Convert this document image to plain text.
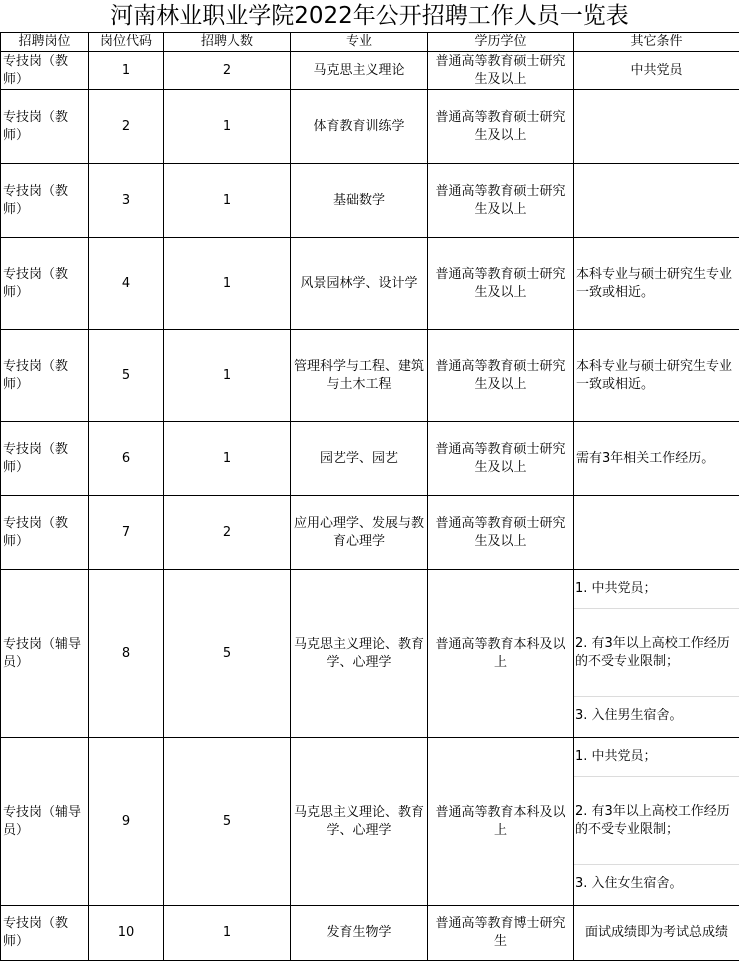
河南林业职业学院2022年公开招聘工作人员一览表
招聘岗位	岗位代码	招聘人数	专业	学历学位	其它条件
专技岗（教师）	1	2	马克思主义理论	普通高等教育硕士研究生及以上	中共党员
专技岗（教师）	2	1	体育教育训练学	普通高等教育硕士研究生及以上	
专技岗（教师）	3	1	基础数学	普通高等教育硕士研究生及以上	
专技岗（教师）	4	1	风景园林学、设计学	普通高等教育硕士研究生及以上	本科专业与硕士研究生专业一致或相近。
专技岗（教师）	5	1	管理科学与工程、建筑与土木工程	普通高等教育硕士研究生及以上	本科专业与硕士研究生专业一致或相近。
专技岗（教师）	6	1	园艺学、园艺	普通高等教育硕士研究生及以上	需有3年相关工作经历。
专技岗（教师）	7	2	应用心理学、发展与教育心理学	普通高等教育硕士研究生及以上	
专技岗（辅导员）	8	5	马克思主义理论、教育学、心理学	普通高等教育本科及以上	1. 中共党员；
2. 有3年以上高校工作经历的不受专业限制；
3. 入住男生宿舍。

专技岗（辅导员）	9	5	马克思主义理论、教育学、心理学	普通高等教育本科及以上	1. 中共党员；
2. 有3年以上高校工作经历的不受专业限制；
3. 入住女生宿舍。

专技岗（教师）	10	1	发育生物学	普通高等教育博士研究生	面试成绩即为考试总成绩
